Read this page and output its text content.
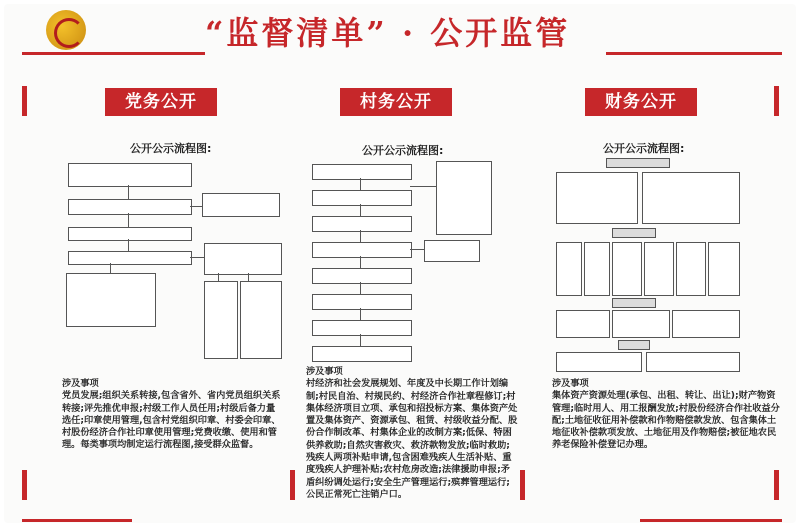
“监督清单” · 公开监管
党务公开
公开公示流程图:
涉及事项
党员发展;组织关系转接,包含省外、省内党员组织关系转接;评先推优申报;村级工作人员任用;村级后备力量选任;印章使用管理,包含村党组织印章、村委会印章、村股份经济合作社印章使用管理;党费收缴、使用和管理。每类事项均制定运行流程图,接受群众监督。
村务公开
公开公示流程图:
涉及事项
村经济和社会发展规划、年度及中长期工作计划编制;村民自治、村规民约、村经济合作社章程修订;村集体经济项目立项、承包和招投标方案、集体资产处置及集体资产、资源承包、租赁、村级收益分配、股份合作制改革、村集体企业的改制方案;低保、特困供养救助;自然灾害救灾、救济款物发放;临时救助;残疾人两项补贴申请,包含困难残疾人生活补贴、重度残疾人护理补贴;农村危房改造;法律援助申报;矛盾纠纷调处运行;安全生产管理运行;殡葬管理运行;公民正常死亡注销户口。
财务公开
公开公示流程图:
涉及事项
集体资产资源处理(承包、出租、转让、出让);财产物资管理;临时用人、用工报酬发放;村股份经济合作社收益分配;土地征收征用补偿款和作物赔偿款发放、包含集体土地征收补偿款项发放、土地征用及作物赔偿;被征地农民养老保险补偿登记办理。
